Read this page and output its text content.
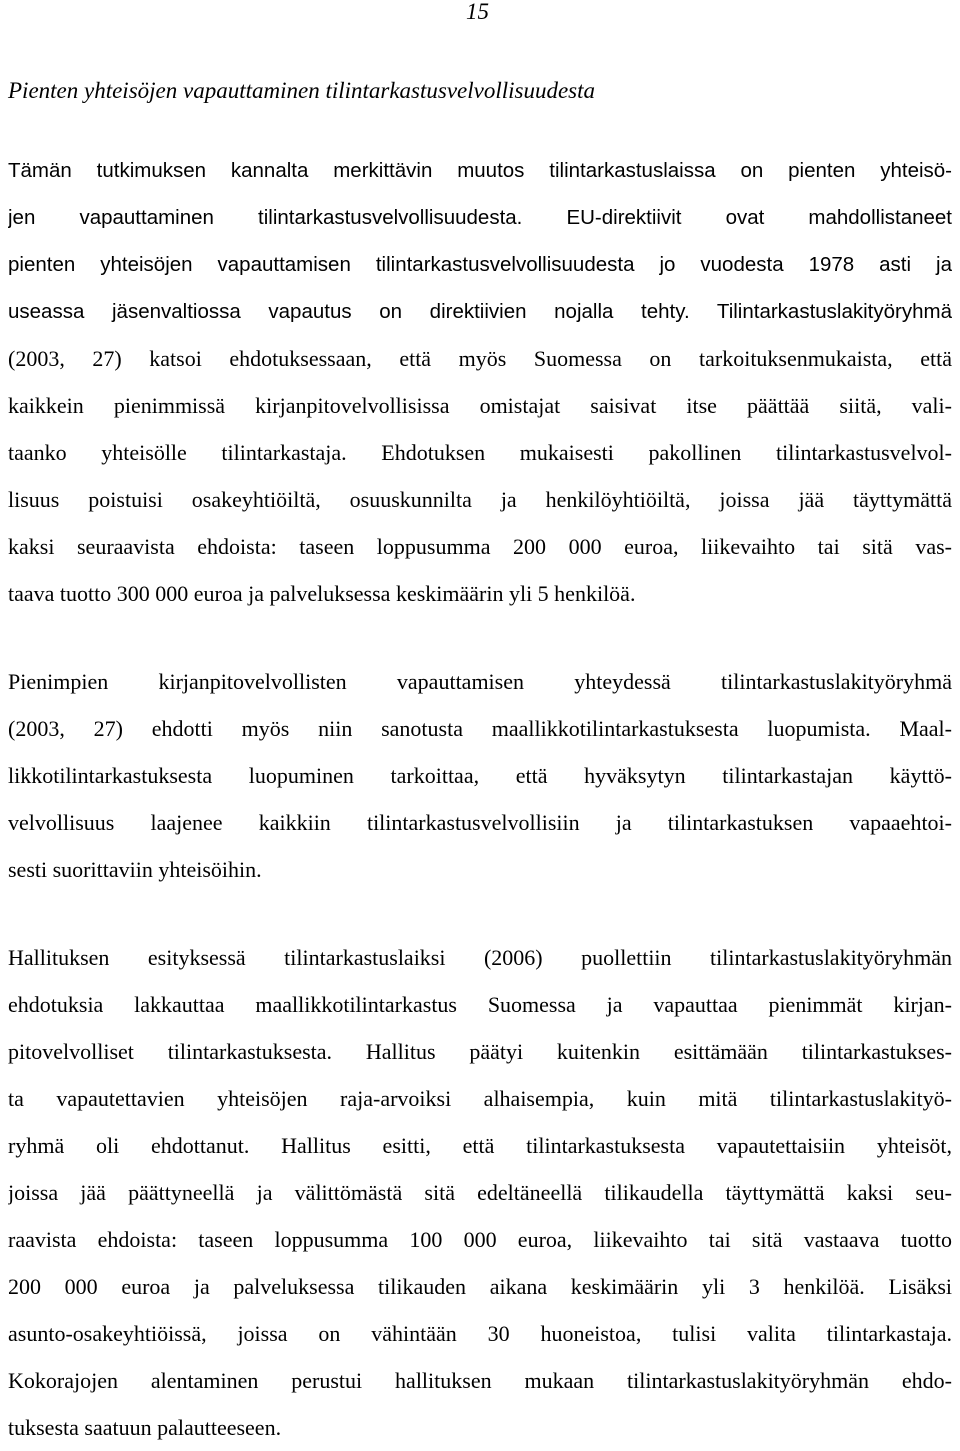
15
Pienten yhteisöjen vapauttaminen tilintarkastusvelvollisuudesta
Tämän tutkimuksen kannalta merkittävin muutos tilintarkastuslaissa on pienten yhteisö-
jen vapauttaminen tilintarkastusvelvollisuudesta. EU-direktiivit ovat mahdollistaneet
pienten yhteisöjen vapauttamisen tilintarkastusvelvollisuudesta jo vuodesta 1978 asti ja
useassa jäsenvaltiossa vapautus on direktiivien nojalla tehty. Tilintarkastuslakityöryhmä
(2003, 27) katsoi ehdotuksessaan, että myös Suomessa on tarkoituksenmukaista, että
kaikkein pienimmissä kirjanpitovelvollisissa omistajat saisivat itse päättää siitä, vali-
taanko yhteisölle tilintarkastaja. Ehdotuksen mukaisesti pakollinen tilintarkastusvelvol-
lisuus poistuisi osakeyhtiöiltä, osuuskunnilta ja henkilöyhtiöiltä, joissa jää täyttymättä
kaksi seuraavista ehdoista: taseen loppusumma 200 000 euroa, liikevaihto tai sitä vas-
taava tuotto 300 000 euroa ja palveluksessa keskimäärin yli 5 henkilöä.
Pienimpien kirjanpitovelvollisten vapauttamisen yhteydessä tilintarkastuslakityöryhmä
(2003, 27) ehdotti myös niin sanotusta maallikkotilintarkastuksesta luopumista. Maal-
likkotilintarkastuksesta luopuminen tarkoittaa, että hyväksytyn tilintarkastajan käyttö-
velvollisuus laajenee kaikkiin tilintarkastusvelvollisiin ja tilintarkastuksen vapaaehtoi-
sesti suorittaviin yhteisöihin.
Hallituksen esityksessä tilintarkastuslaiksi (2006) puollettiin tilintarkastuslakityöryhmän
ehdotuksia lakkauttaa maallikkotilintarkastus Suomessa ja vapauttaa pienimmät kirjan-
pitovelvolliset tilintarkastuksesta. Hallitus päätyi kuitenkin esittämään tilintarkastukses-
ta vapautettavien yhteisöjen raja-arvoiksi alhaisempia, kuin mitä tilintarkastuslakityö-
ryhmä oli ehdottanut. Hallitus esitti, että tilintarkastuksesta vapautettaisiin yhteisöt,
joissa jää päättyneellä ja välittömästä sitä edeltäneellä tilikaudella täyttymättä kaksi seu-
raavista ehdoista: taseen loppusumma 100 000 euroa, liikevaihto tai sitä vastaava tuotto
200 000 euroa ja palveluksessa tilikauden aikana keskimäärin yli 3 henkilöä. Lisäksi
asunto-osakeyhtiöissä, joissa on vähintään 30 huoneistoa, tulisi valita tilintarkastaja.
Kokorajojen alentaminen perustui hallituksen mukaan tilintarkastuslakityöryhmän ehdo-
tuksesta saatuun palautteeseen.
